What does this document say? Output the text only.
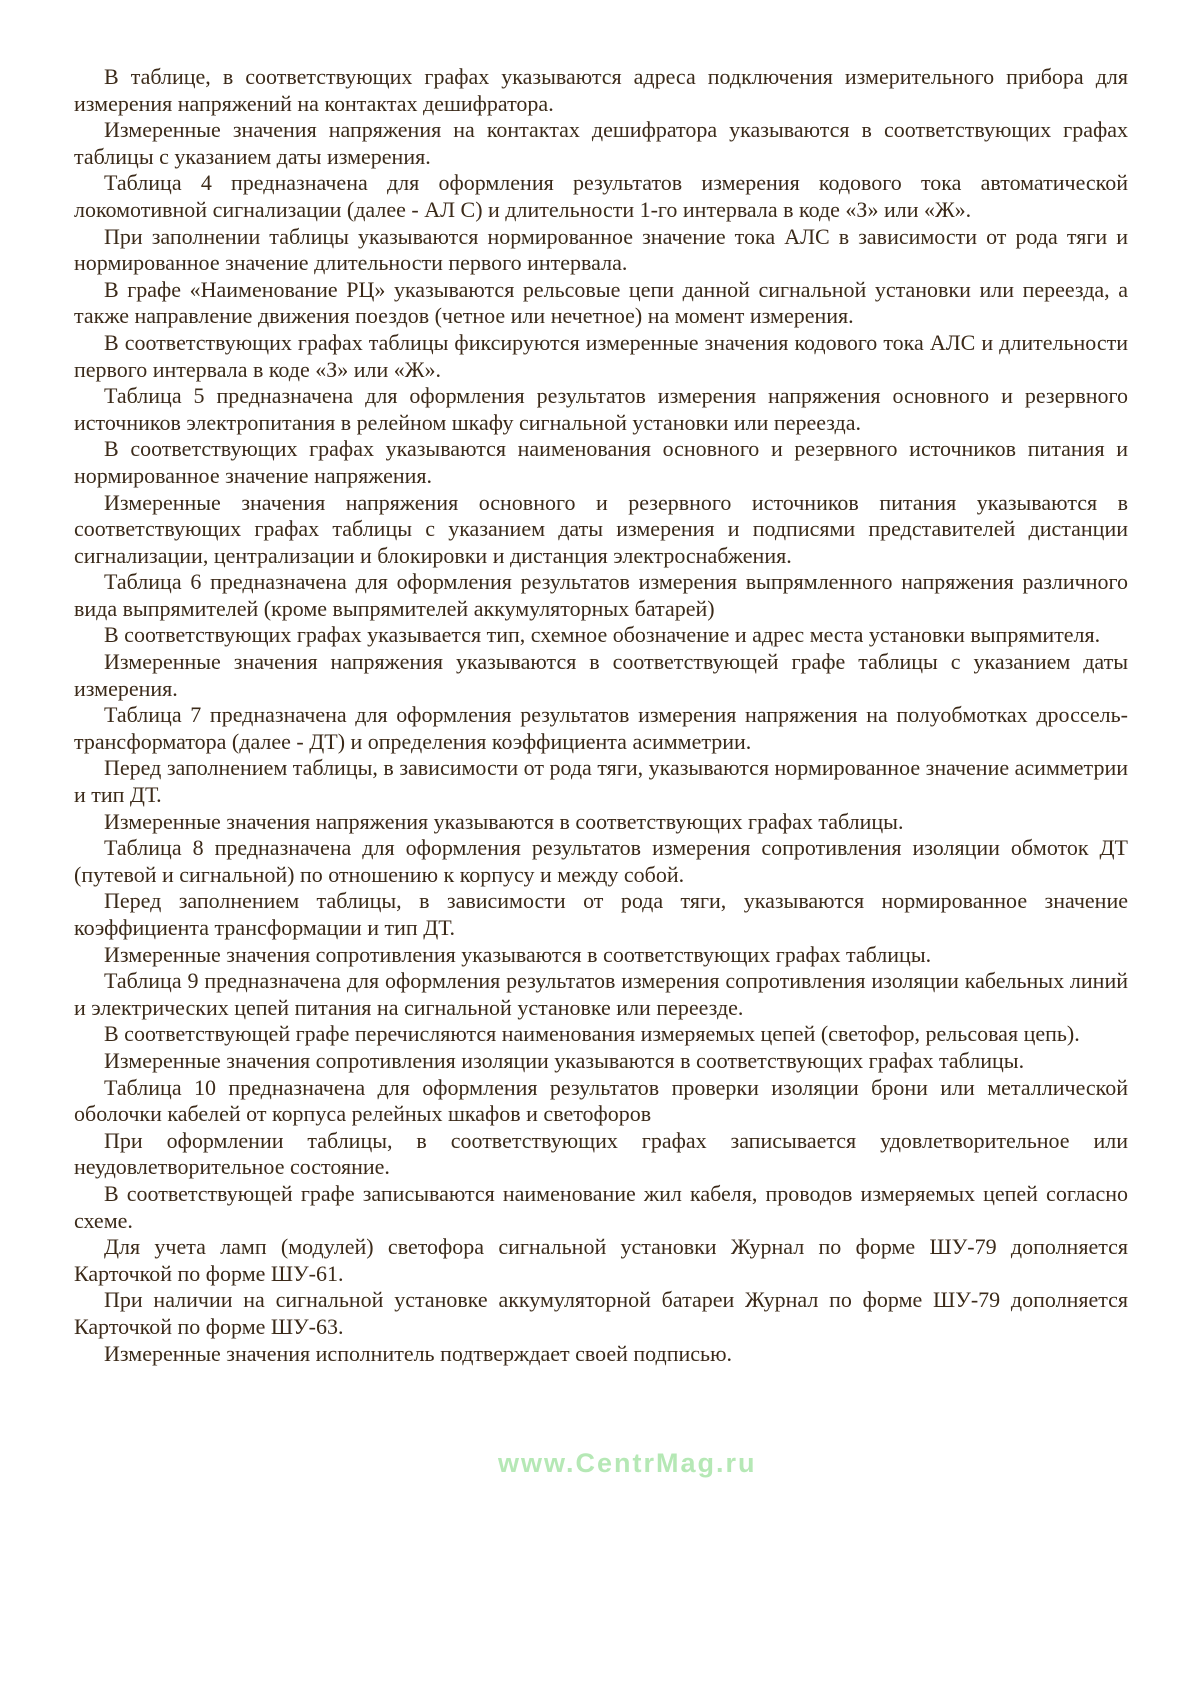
В таблице, в соответствующих графах указываются адреса подключения измерительного прибора для измерения напряжений на контактах дешифратора.

Измеренные значения напряжения на контактах дешифратора указываются в соответствующих графах таблицы с указанием даты измерения.

Таблица 4 предназначена для оформления результатов измерения кодового тока автоматической локомотивной сигнализации (далее - АЛ С) и длительности 1-го интервала в коде «З» или «Ж».

При заполнении таблицы указываются нормированное значение тока АЛС в зависимости от рода тяги и нормированное значение длительности первого интервала.

В графе «Наименование РЦ» указываются рельсовые цепи данной сигнальной установки или переезда, а также направление движения поездов (четное или нечетное) на момент измерения.

В соответствующих графах таблицы фиксируются измеренные значения кодового тока АЛС и длительности первого интервала в коде «З» или «Ж».

Таблица 5 предназначена для оформления результатов измерения напряжения основного и резервного источников электропитания в релейном шкафу сигнальной установки или переезда.

В соответствующих графах указываются наименования основного и резервного источников питания и нормированное значение напряжения.

Измеренные значения напряжения основного и резервного источников питания указываются в соответствующих графах таблицы с указанием даты измерения и подписями представителей дистанции сигнализации, централизации и блокировки и дистанция электроснабжения.

Таблица 6 предназначена для оформления результатов измерения выпрямленного напряжения различного вида выпрямителей (кроме выпрямителей аккумуляторных батарей)

В соответствующих графах указывается тип, схемное обозначение и адрес места установки выпрямителя.

Измеренные значения напряжения указываются в соответствующей графе таблицы с указанием даты измерения.

Таблица 7 предназначена для оформления результатов измерения напряжения на полуобмотках дроссель- трансформатора (далее - ДТ) и определения коэффициента асимметрии.

Перед заполнением таблицы, в зависимости от рода тяги, указываются нормированное значение асимметрии и тип ДТ.

Измеренные значения напряжения указываются в соответствующих графах таблицы.

Таблица 8 предназначена для оформления результатов измерения сопротивления изоляции обмоток ДТ (путевой и сигнальной) по отношению к корпусу и между собой.

Перед заполнением таблицы, в зависимости от рода тяги, указываются нормированное значение коэффициента трансформации и тип ДТ.

Измеренные значения сопротивления указываются в соответствующих графах таблицы.

Таблица 9 предназначена для оформления результатов измерения сопротивления изоляции кабельных линий и электрических цепей питания на сигнальной установке или переезде.

В соответствующей графе перечисляются наименования измеряемых цепей (светофор, рельсовая цепь).

Измеренные значения сопротивления изоляции указываются в соответствующих графах таблицы.

Таблица 10 предназначена для оформления результатов проверки изоляции брони или металлической оболочки кабелей от корпуса релейных шкафов и светофоров

При оформлении таблицы, в соответствующих графах записывается удовлетворительное или неудовлетворительное состояние.

В соответствующей графе записываются наименование жил кабеля, проводов измеряемых цепей согласно схеме.

Для учета ламп (модулей) светофора сигнальной установки Журнал по форме ШУ-79 дополняется Карточкой по форме ШУ-61.

При наличии на сигнальной установке аккумуляторной батареи Журнал по форме ШУ-79 дополняется Карточкой по форме ШУ-63.

Измеренные значения исполнитель подтверждает своей подписью.

www.CentrMag.ru
